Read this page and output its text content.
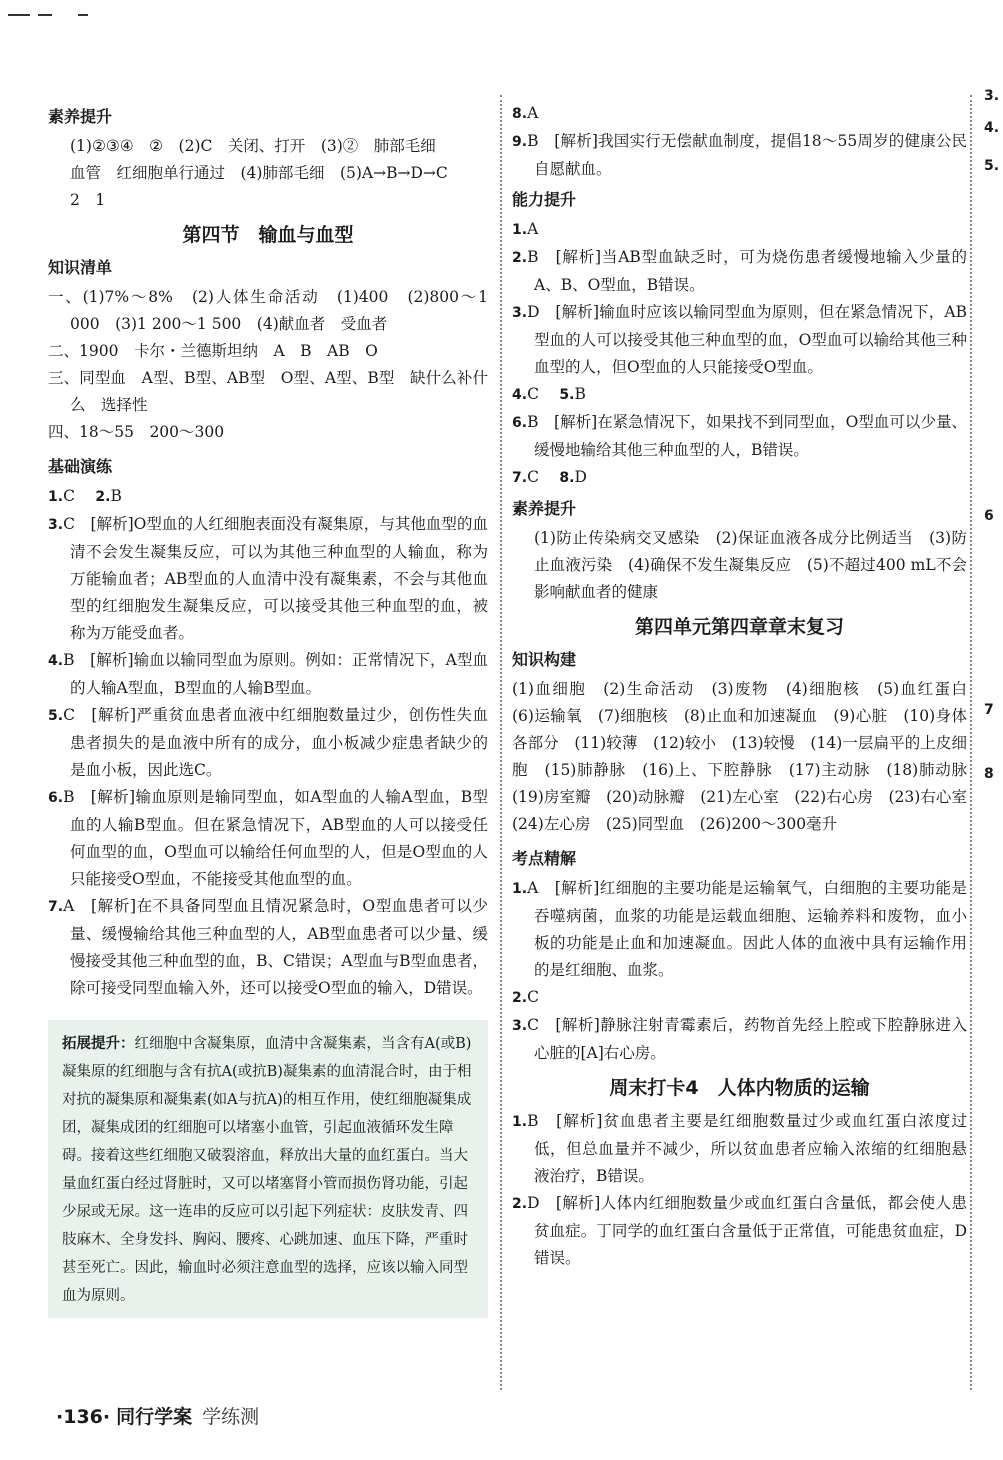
素养提升

(1)②③④　②　(2)C　关闭、打开　(3)②　肺部毛细

血管　红细胞单行通过　(4)肺部毛细　(5)A→B→D→C

2　1

第四节　输血与血型
知识清单

一、(1)7%～8%　(2)人体生命活动　(1)400　(2)800～1 000　(3)1 200～1 500　(4)献血者　受血者

二、1900　卡尔・兰德斯坦纳　A　B　AB　O

三、同型血　A型、B型、AB型　O型、A型、B型　缺什么补什么　选择性

四、18～55　200～300

基础演练

1.C　 2.B

3.C　[解析]O型血的人红细胞表面没有凝集原，与其他血型的血清不会发生凝集反应，可以为其他三种血型的人输血，称为万能输血者；AB型血的人血清中没有凝集素，不会与其他血型的红细胞发生凝集反应，可以接受其他三种血型的血，被称为万能受血者。

4.B　[解析]输血以输同型血为原则。例如：正常情况下，A型血的人输A型血，B型血的人输B型血。

5.C　[解析]严重贫血患者血液中红细胞数量过少，创伤性失血患者损失的是血液中所有的成分，血小板减少症患者缺少的是血小板，因此选C。

6.B　[解析]输血原则是输同型血，如A型血的人输A型血，B型血的人输B型血。但在紧急情况下，AB型血的人可以接受任何血型的血，O型血可以输给任何血型的人，但是O型血的人只能接受O型血，不能接受其他血型的血。

7.A　[解析]在不具备同型血且情况紧急时，O型血患者可以少量、缓慢输给其他三种血型的人，AB型血患者可以少量、缓慢接受其他三种血型的血，B、C错误；A型血与B型血患者，除可接受同型血输入外，还可以接受O型血的输入，D错误。

拓展提升：红细胞中含凝集原，血清中含凝集素，当含有A(或B)凝集原的红细胞与含有抗A(或抗B)凝集素的血清混合时，由于相对抗的凝集原和凝集素(如A与抗A)的相互作用，使红细胞凝集成团，凝集成团的红细胞可以堵塞小血管，引起血液循环发生障碍。接着这些红细胞又破裂溶血，释放出大量的血红蛋白。当大量血红蛋白经过肾脏时，又可以堵塞肾小管而损伤肾功能，引起少尿或无尿。这一连串的反应可以引起下列症状：皮肤发青、四肢麻木、全身发抖、胸闷、腰疼、心跳加速、血压下降，严重时甚至死亡。因此，输血时必须注意血型的选择，应该以输入同型血为原则。

8.A

9.B　[解析]我国实行无偿献血制度，提倡18～55周岁的健康公民自愿献血。

能力提升

1.A

2.B　[解析]当AB型血缺乏时，可为烧伤患者缓慢地输入少量的A、B、O型血，B错误。

3.D　[解析]输血时应该以输同型血为原则，但在紧急情况下，AB型血的人可以接受其他三种血型的血，O型血可以输给其他三种血型的人，但O型血的人只能接受O型血。

4.C　 5.B

6.B　[解析]在紧急情况下，如果找不到同型血，O型血可以少量、缓慢地输给其他三种血型的人，B错误。

7.C　 8.D

素养提升

(1)防止传染病交叉感染　(2)保证血液各成分比例适当　(3)防止血液污染　(4)确保不发生凝集反应　(5)不超过400 mL不会影响献血者的健康

第四单元第四章章末复习
知识构建

(1)血细胞　(2)生命活动　(3)废物　(4)细胞核　(5)血红蛋白　(6)运输氧　(7)细胞核　(8)止血和加速凝血　(9)心脏　(10)身体各部分　(11)较薄　(12)较小　(13)较慢　(14)一层扁平的上皮细胞　(15)肺静脉　(16)上、下腔静脉　(17)主动脉　(18)肺动脉　(19)房室瓣　(20)动脉瓣　(21)左心室　(22)右心房　(23)右心室　(24)左心房　(25)同型血　(26)200～300毫升

考点精解

1.A　[解析]红细胞的主要功能是运输氧气，白细胞的主要功能是吞噬病菌，血浆的功能是运载血细胞、运输养料和废物，血小板的功能是止血和加速凝血。因此人体的血液中具有运输作用的是红细胞、血浆。

2.C

3.C　[解析]静脉注射青霉素后，药物首先经上腔或下腔静脉进入心脏的[A]右心房。

周末打卡4　人体内物质的运输

1.B　[解析]贫血患者主要是红细胞数量过少或血红蛋白浓度过低，但总血量并不减少，所以贫血患者应输入浓缩的红细胞悬液治疗，B错误。

2.D　[解析]人体内红细胞数量少或血红蛋白含量低，都会使人患贫血症。丁同学的血红蛋白含量低于正常值，可能患贫血症，D错误。

3.
4.
5.
6
7
8
·136· 同行学案 学练测
